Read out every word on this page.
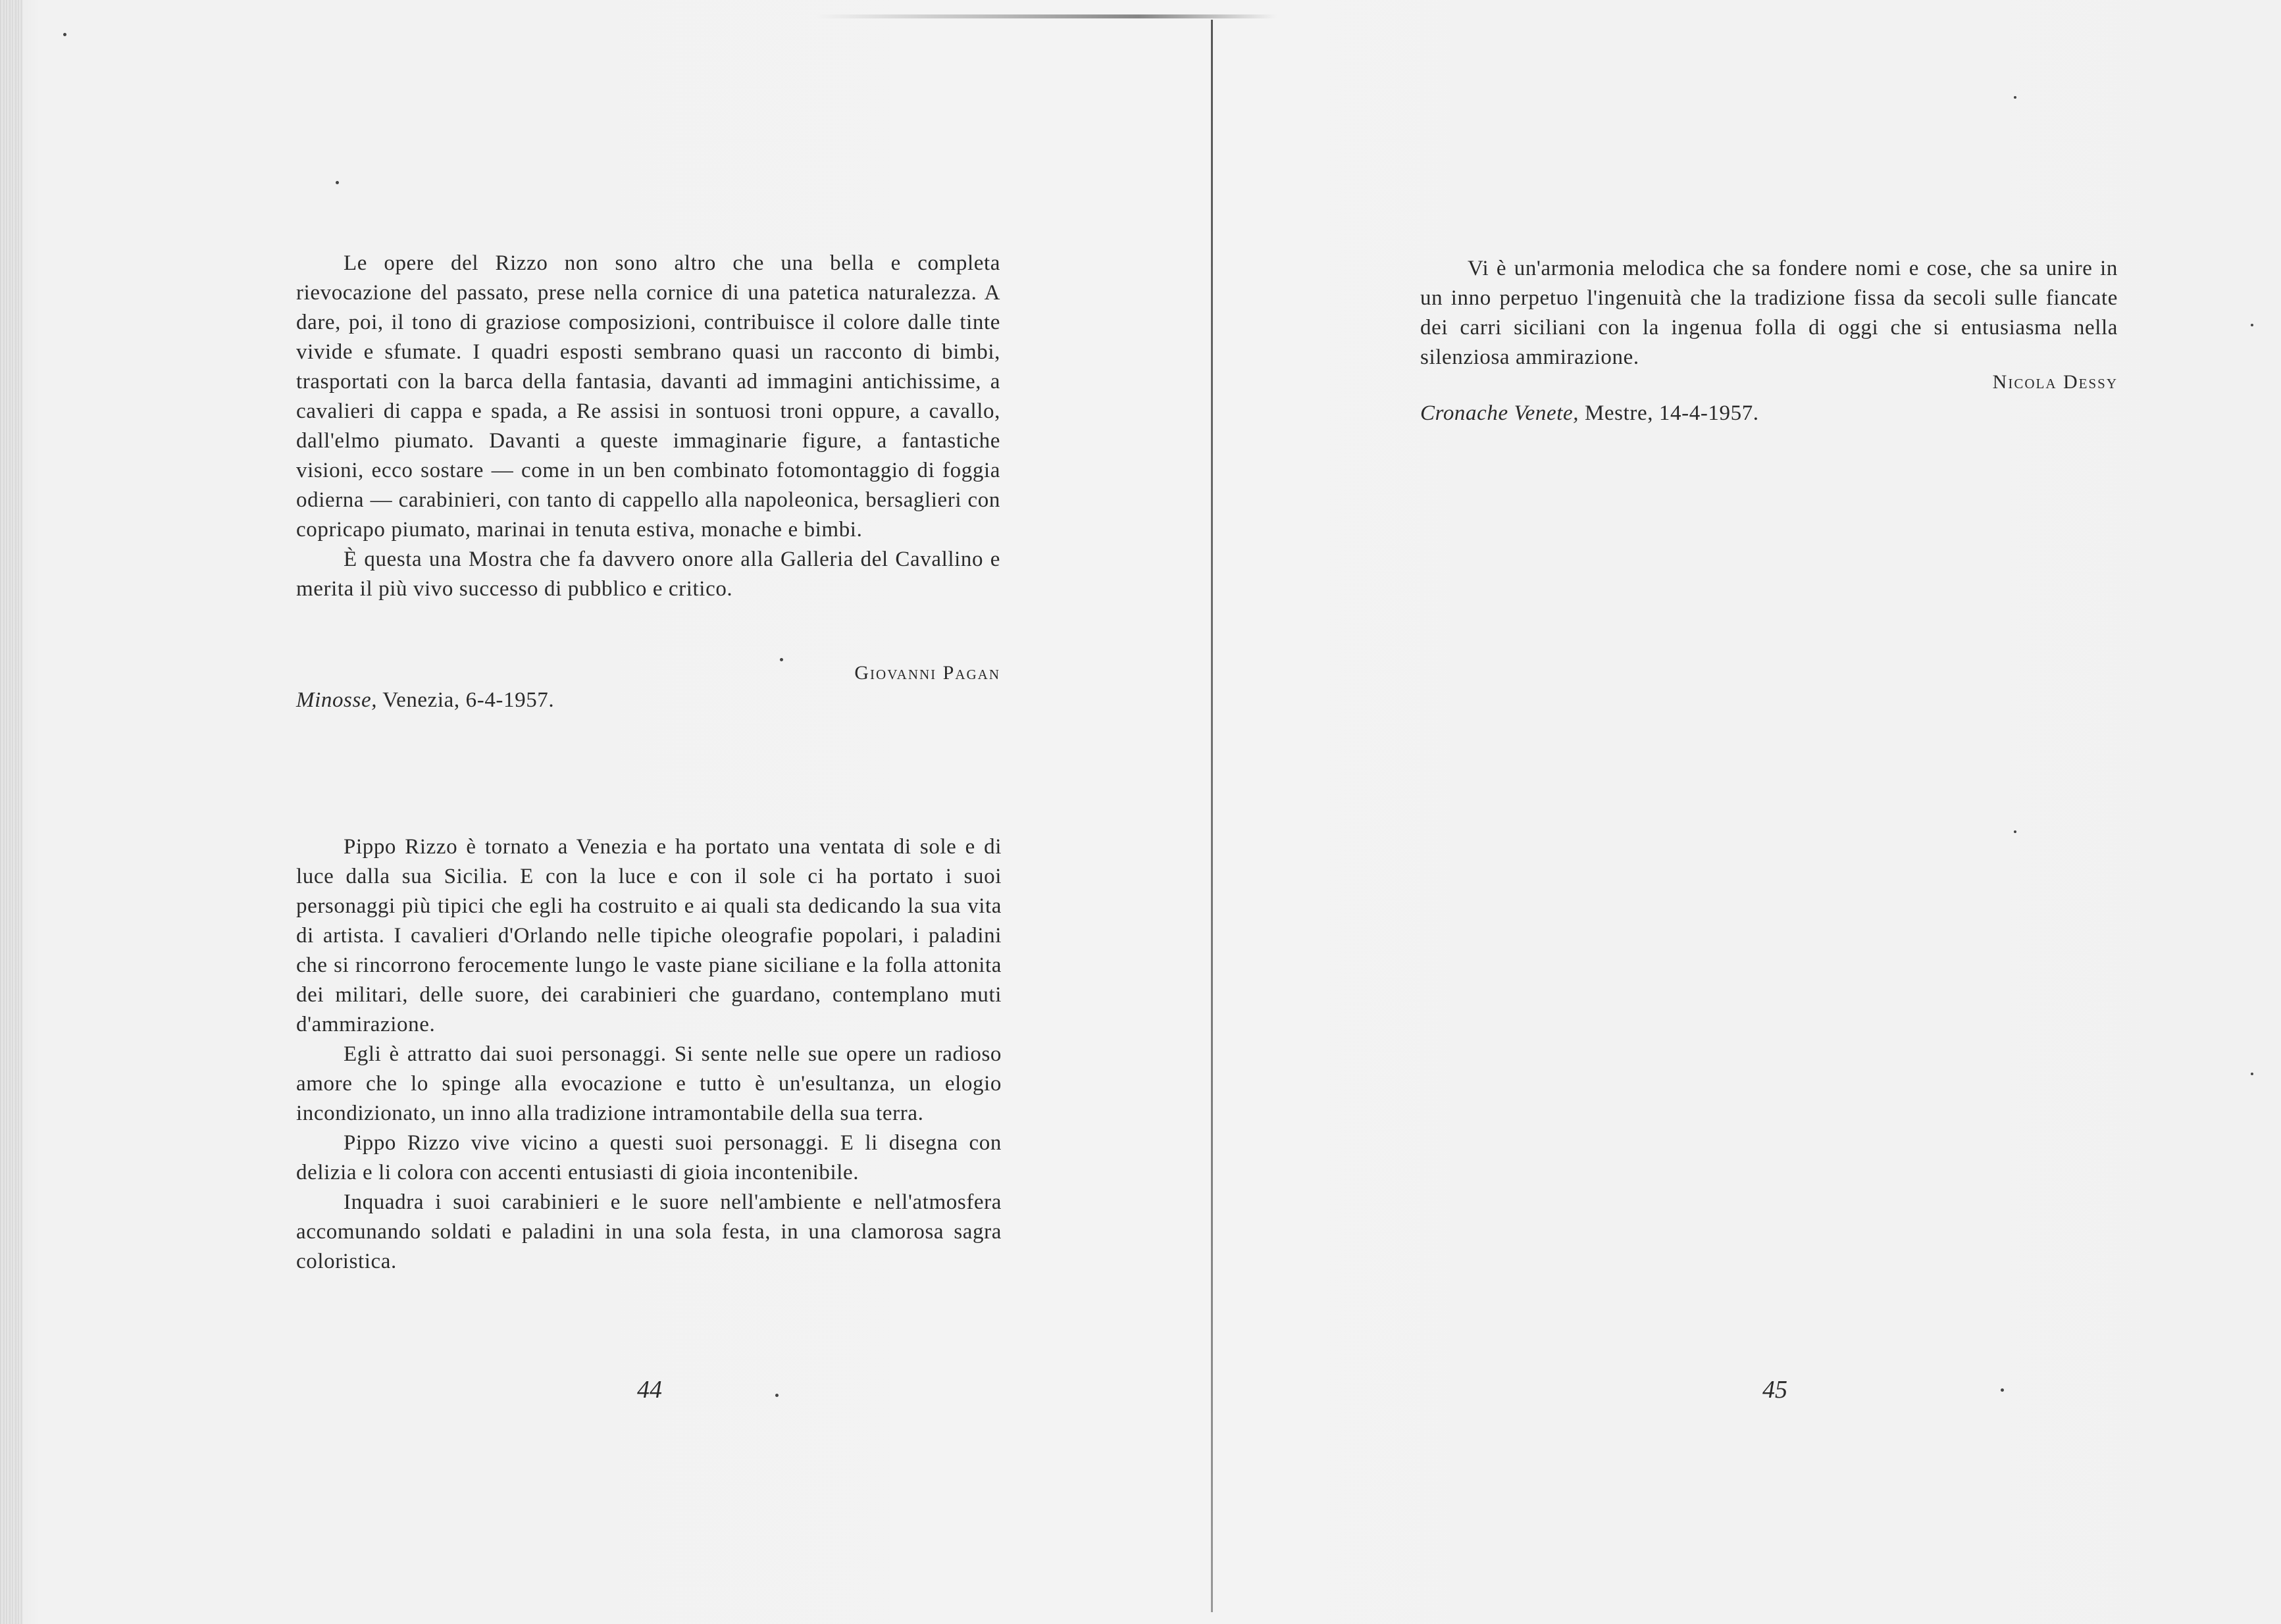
Le opere del Rizzo non sono altro che una bella e completa rievocazione del passato, prese nella cornice di una patetica naturalezza. A dare, poi, il tono di graziose composizioni, contribuisce il colore dalle tinte vivide e sfumate. I quadri esposti sembrano quasi un racconto di bimbi, trasportati con la barca della fantasia, davanti ad immagini antichissime, a cavalieri di cappa e spada, a Re assisi in sontuosi troni oppure, a cavallo, dall'elmo piumato. Davanti a queste immaginarie figure, a fantastiche visioni, ecco sostare — come in un ben combinato fotomontaggio di foggia odierna — carabinieri, con tanto di cappello alla napoleonica, bersaglieri con copricapo piumato, marinai in tenuta estiva, monache e bimbi.

È questa una Mostra che fa davvero onore alla Galleria del Cavallino e merita il più vivo successo di pubblico e critico.

Giovanni Pagan
Minosse, Venezia, 6-4-1957.

Pippo Rizzo è tornato a Venezia e ha portato una ventata di sole e di luce dalla sua Sicilia. E con la luce e con il sole ci ha portato i suoi personaggi più tipici che egli ha costruito e ai quali sta dedicando la sua vita di artista. I cavalieri d'Orlando nelle tipiche oleografie popolari, i paladini che si rincorrono ferocemente lungo le vaste piane siciliane e la folla attonita dei militari, delle suore, dei carabinieri che guardano, contemplano muti d'ammirazione.

Egli è attratto dai suoi personaggi. Si sente nelle sue opere un radioso amore che lo spinge alla evocazione e tutto è un'esultanza, un elogio incondizionato, un inno alla tradizione intramontabile della sua terra.

Pippo Rizzo vive vicino a questi suoi personaggi. E li disegna con delizia e li colora con accenti entusiasti di gioia incontenibile.

Inquadra i suoi carabinieri e le suore nell'ambiente e nell'atmosfera accomunando soldati e paladini in una sola festa, in una clamorosa sagra coloristica.

44

Vi è un'armonia melodica che sa fondere nomi e cose, che sa unire in un inno perpetuo l'ingenuità che la tradizione fissa da secoli sulle fiancate dei carri siciliani con la ingenua folla di oggi che si entusiasma nella silenziosa ammirazione.

Nicola Dessy
Cronache Venete, Mestre, 14-4-1957.
45
